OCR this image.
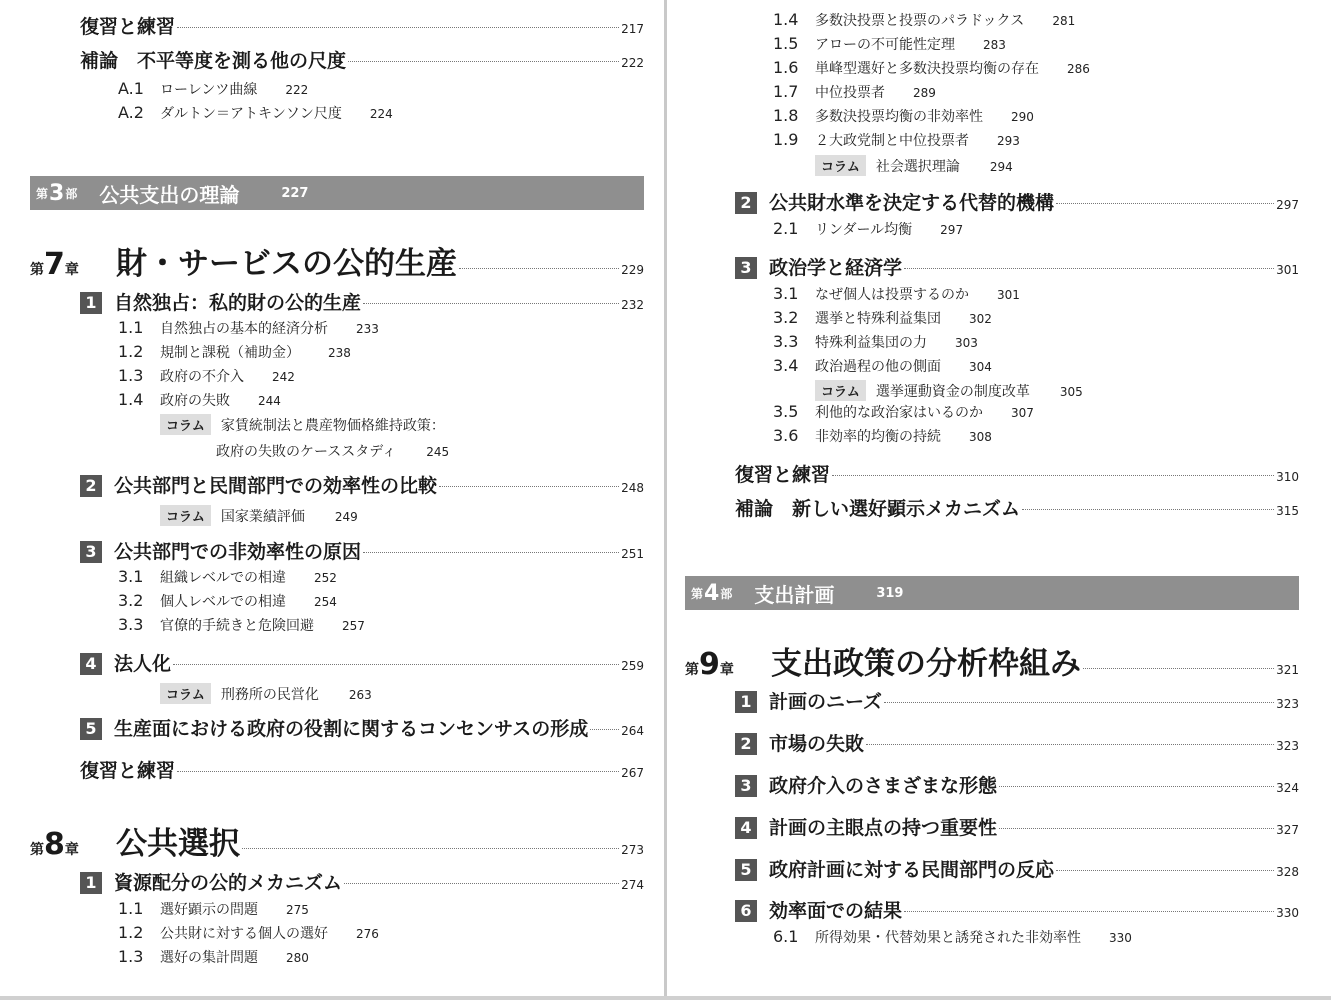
復習と練習	217
補論　不平等度を測る他の尺度	222
A.1	ローレンツ曲線 222
A.2	ダルトン＝アトキンソン尺度 224
第 3 部 公共支出の理論	227
第7章	財・サービスの公的生産	229
1 自然独占：私的財の公的生産	232
1.1	自然独占の基本的経済分析 233
1.2	規制と課税（補助金） 238
1.3	政府の不介入 242
1.4	政府の失敗 244
コラム 家賃統制法と農産物価格維持政策：
政府の失敗のケーススタディ	245
2 公共部門と民間部門での効率性の比較	248
コラム 国家業績評価	249
3 公共部門での非効率性の原因	251
3.1	組織レベルでの相違 252
3.2	個人レベルでの相違 254
3.3	官僚的手続きと危険回避 257
4 法人化	259
コラム 刑務所の民営化	263
5 生産面における政府の役割に関するコンセンサスの形成	264
復習と練習	267
第8章	公共選択	273
1 資源配分の公的メカニズム	274
1.1	選好顕示の問題 275
1.2	公共財に対する個人の選好 276
1.3	選好の集計問題 280
1.4	多数決投票と投票のパラドックス 281
1.5	アローの不可能性定理 283
1.6	単峰型選好と多数決投票均衡の存在 286
1.7	中位投票者 289
1.8	多数決投票均衡の非効率性 290
1.9	２大政党制と中位投票者 293
コラム 社会選択理論	294
2 公共財水準を決定する代替的機構	297
2.1	リンダール均衡 297
3 政治学と経済学	301
3.1	なぜ個人は投票するのか 301
3.2	選挙と特殊利益集団 302
3.3	特殊利益集団の力 303
3.4	政治過程の他の側面 304
コラム 選挙運動資金の制度改革	305
3.5	利他的な政治家はいるのか 307
3.6	非効率的均衡の持続 308
復習と練習	310
補論　新しい選好顕示メカニズム	315
第 4 部 支出計画	319
第9章	支出政策の分析枠組み	321
1 計画のニーズ	323
2 市場の失敗	323
3 政府介入のさまざまな形態	324
4 計画の主眼点の持つ重要性	327
5 政府計画に対する民間部門の反応	328
6 効率面での結果	330
6.1	所得効果・代替効果と誘発された非効率性 330
